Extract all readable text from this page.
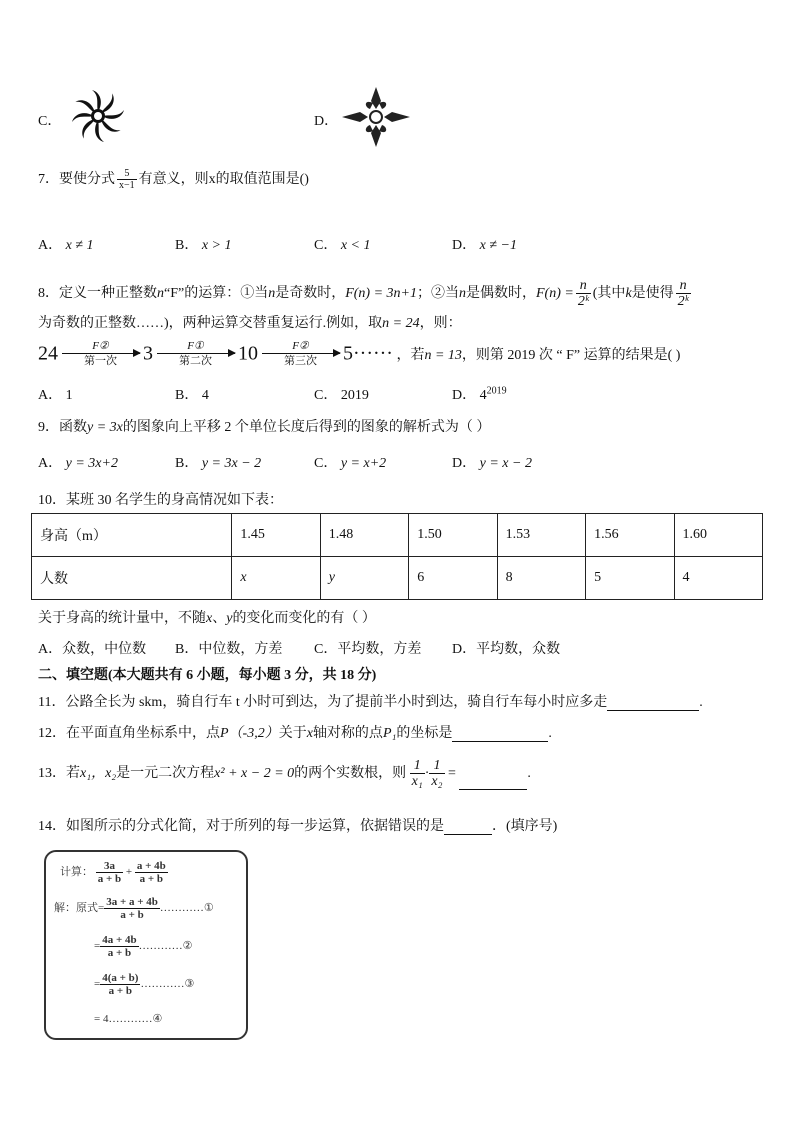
C．	D．
7．要使分式 $\frac{5}{x-1}$ 有意义，则x的取值范围是()
A． x ≠ 1	B． x > 1	C． x < 1	D． x ≠ −1
8．定义一种正整数n“F”的运算：①当n是奇数时，F(n) = 3n+1；②当n是偶数时，$F(n) = \frac{n}{\text{2ᵏ}}$ (其中k是使得 $\frac{n}{\text{2ᵏ}}$
为奇数的正整数……)，两种运算交替重复运行.例如，取n = 24，则：
24	F②
第一次	3	F①
第二次	10	F②
第三次	5······ ，若n = 13，则第 2019 次 “ F” 运算的结果是( )
A． 1	B． 4	C． 2019	D． $4^{2019}$
9．函数y = 3x的图象向上平移 2 个单位长度后得到的图象的解析式为（ ）
A． y = 3x+2	B． y = 3x − 2	C． y = x+2	D． y = x − 2
10．某班 30 名学生的身高情况如下表：
身高（m）	1.45	1.48	1.50	1.53	1.56	1.60
人数	x	y	6	8	5	4
关于身高的统计量中，不随x、y的变化而变化的有（ ）
A．众数，中位数 B．中位数，方差 C．平均数，方差 D．平均数，众数
二、填空题(本大题共有 6 小题，每小题 3 分，共 18 分)
11．公路全长为 skm，骑自行车 t 小时可到达，为了提前半小时到达，骑自行车每小时应多走	.
12．在平面直角坐标系中，点P（-3,2）关于x轴对称的点P₁的坐标是	.
13．若x₁，x₂是一元二次方程x² + x − 2 = 0的两个实数根，则 $\frac{1}{\text{x₁}} \cdot \frac{1}{\text{x₂}}$ =	.
14．如图所示的分式化简，对于所列的每一步运算，依据错误的是	．(填序号)
计算： $\frac{3a}{a + b} + \frac{a + 4b}{a + b}$
解：原式= $\frac{3a + a + 4b}{a + b}$ …………①
= $\frac{4a + 4b}{a + b}$ …………②
= $\frac{4(a + b)}{a + b}$ …………③
= 4…………④
